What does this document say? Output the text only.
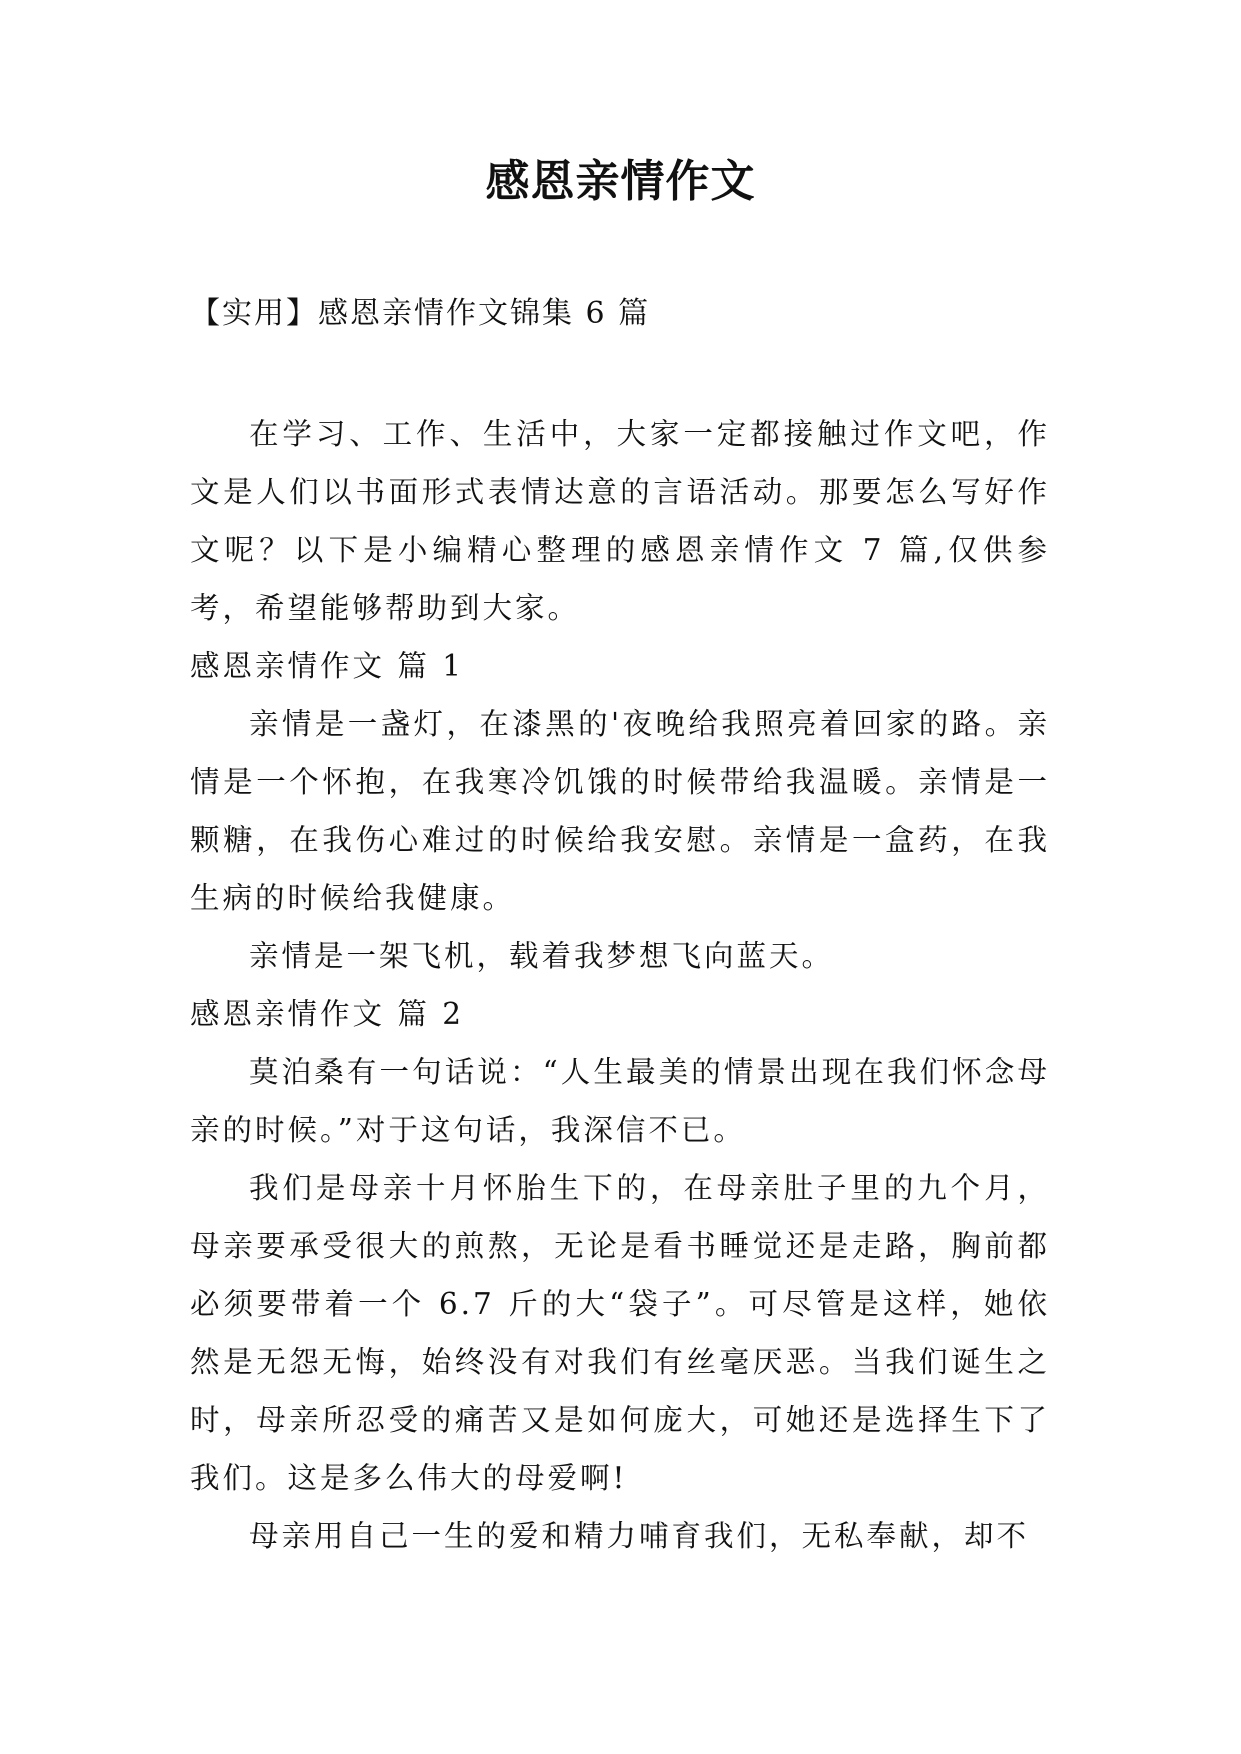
感恩亲情作文

【实用】感恩亲情作文锦集 6 篇

在学习、工作、生活中，大家一定都接触过作文吧，作文是人们以书面形式表情达意的言语活动。那要怎么写好作文呢？以下是小编精心整理的感恩亲情作文 7 篇,仅供参考，希望能够帮助到大家。

感恩亲情作文 篇 1

亲情是一盏灯，在漆黑的'夜晚给我照亮着回家的路。亲情是一个怀抱，在我寒冷饥饿的时候带给我温暖。亲情是一颗糖，在我伤心难过的时候给我安慰。亲情是一盒药，在我生病的时候给我健康。

亲情是一架飞机，载着我梦想飞向蓝天。

感恩亲情作文 篇 2

莫泊桑有一句话说：“人生最美的情景出现在我们怀念母亲的时候。”对于这句话，我深信不已。

我们是母亲十月怀胎生下的，在母亲肚子里的九个月，母亲要承受很大的煎熬，无论是看书睡觉还是走路，胸前都必须要带着一个 6.7 斤的大“袋子”。可尽管是这样，她依然是无怨无悔，始终没有对我们有丝毫厌恶。当我们诞生之时，母亲所忍受的痛苦又是如何庞大，可她还是选择生下了我们。这是多么伟大的母爱啊!

母亲用自己一生的爱和精力哺育我们，无私奉献，却不
